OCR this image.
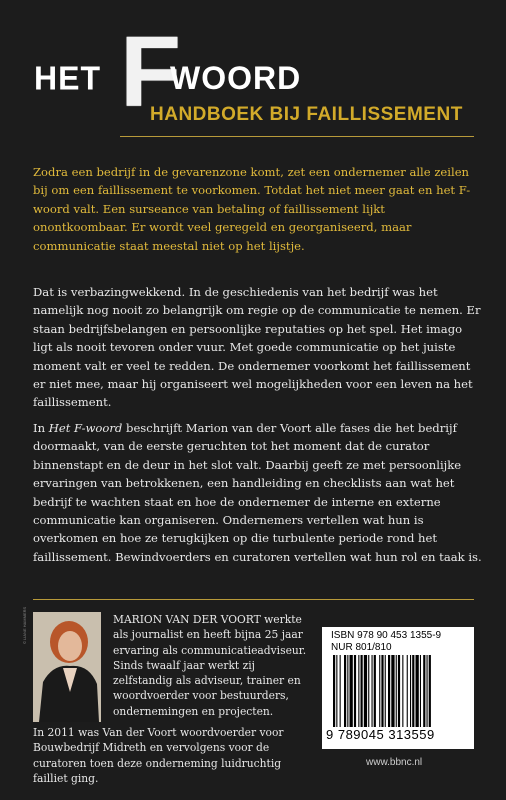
HET F
WOORD
HANDBOEK BIJ FAILLISSEMENT

Zodra een bedrijf in de gevarenzone komt, zet een ondernemer alle zeilen bij om een faillissement te voorkomen. Totdat het niet meer gaat en het F-woord valt. Een surseance van betaling of faillissement lijkt onontkoombaar. Er wordt veel geregeld en georganiseerd, maar communicatie staat meestal niet op het lijstje.

Dat is verbazingwekkend. In de geschiedenis van het bedrijf was het namelijk nog nooit zo belangrijk om regie op de communicatie te nemen. Er staan bedrijfsbelangen en persoonlijke reputaties op het spel. Het imago ligt als nooit tevoren onder vuur. Met goede communicatie op het juiste moment valt er veel te redden. De ondernemer voorkomt het faillissement er niet mee, maar hij organiseert wel mogelijkheden voor een leven na het faillissement.

In Het F-woord beschrijft Marion van der Voort alle fases die het bedrijf doormaakt, van de eerste geruchten tot het moment dat de curator binnenstapt en de deur in het slot valt. Daarbij geeft ze met persoonlijke ervaringen van betrokkenen, een handleiding en checklists aan wat het bedrijf te wachten staat en hoe de ondernemer de interne en externe communicatie kan organiseren. Ondernemers vertellen wat hun is overkomen en hoe ze terugkijken op die turbulente periode rond het faillissement. Bewindvoerders en curatoren vertellen wat hun rol en taak is.

© LIANE HAMMERS	MARION VAN DER VOORT werkte als journalist en heeft bijna 25 jaar ervaring als communicatieadviseur. Sinds twaalf jaar werkt zij zelfstandig als adviseur, trainer en woordvoerder voor bestuurders, ondernemingen en projecten.

In 2011 was Van der Voort woordvoerder voor Bouwbedrijf Midreth en vervolgens voor de curatoren toen deze onderneming luidruchtig failliet ging.

ISBN 978 90 453 1355-9
NUR 801/810
9 789045 313559
www.bbnc.nl
